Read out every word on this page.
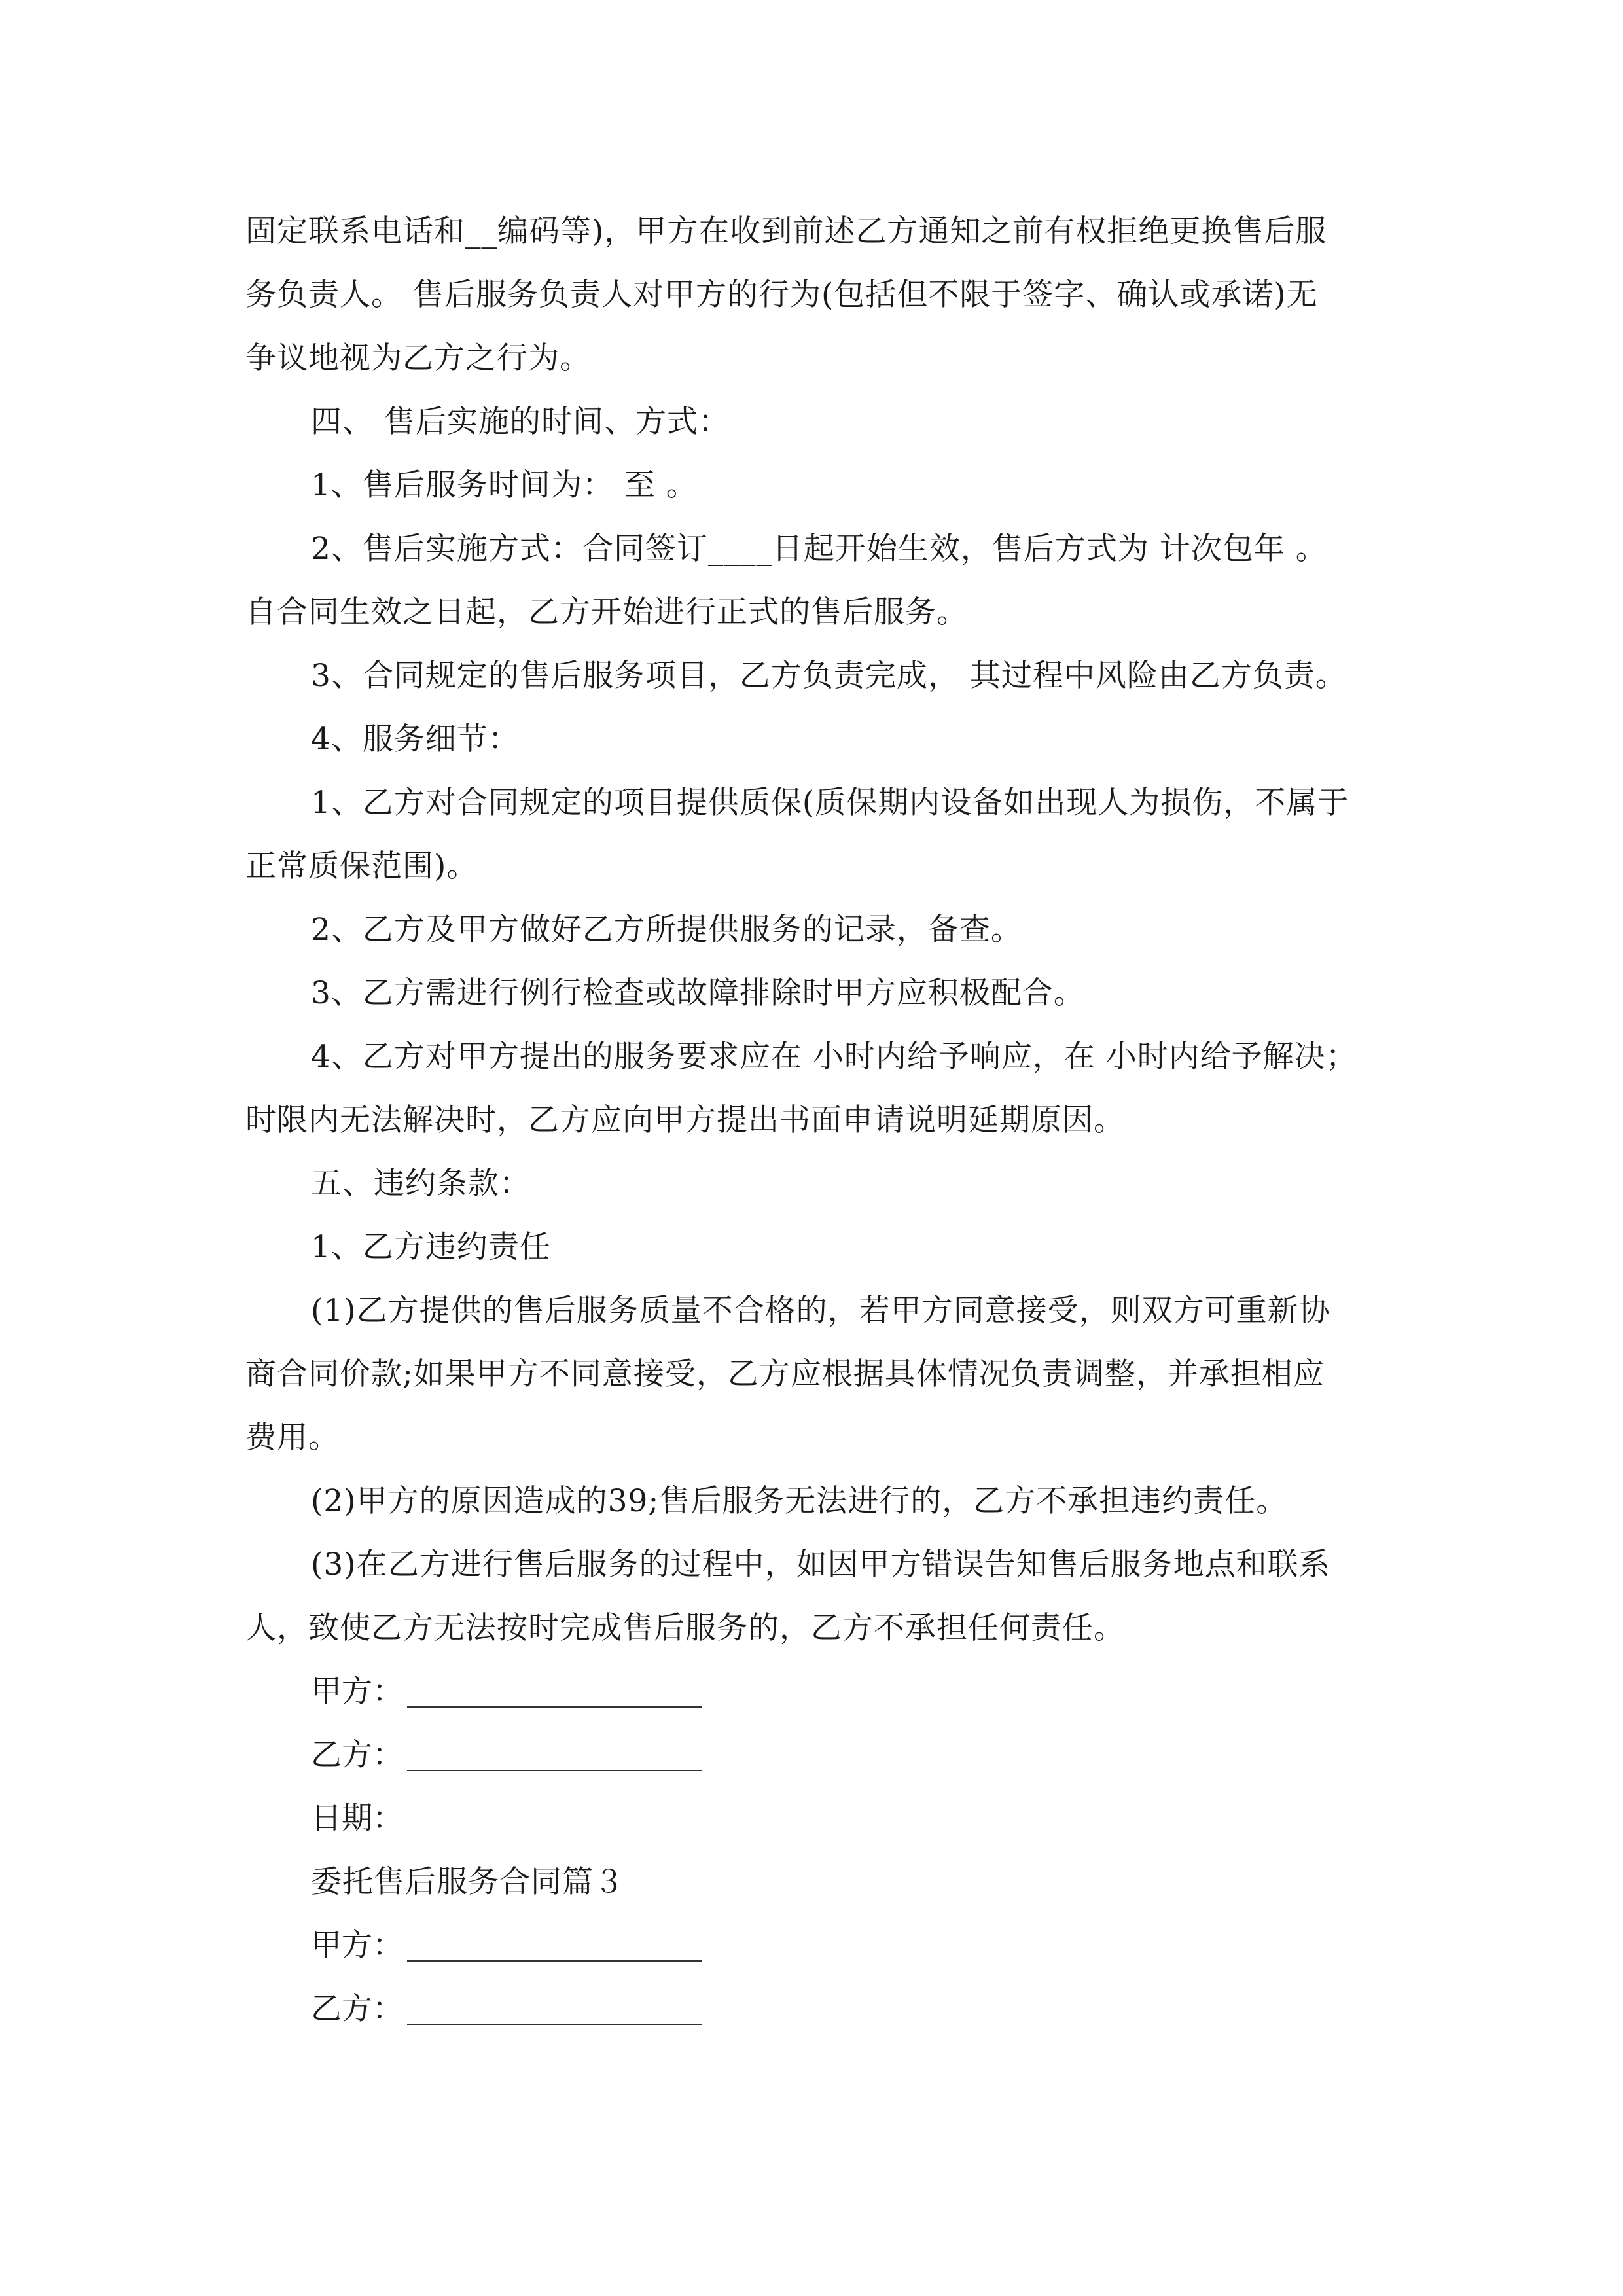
固定联系电话和__编码等)，甲方在收到前述乙方通知之前有权拒绝更换售后服
务负责人。 售后服务负责人对甲方的行为(包括但不限于签字、确认或承诺)无
争议地视为乙方之行为。
四、 售后实施的时间、方式：
1、售后服务时间为： 至 。
2、售后实施方式：合同签订____日起开始生效，售后方式为 计次包年 。
自合同生效之日起，乙方开始进行正式的售后服务。
3、合同规定的售后服务项目，乙方负责完成， 其过程中风险由乙方负责。
4、服务细节：
1、乙方对合同规定的项目提供质保(质保期内设备如出现人为损伤，不属于
正常质保范围)。
2、乙方及甲方做好乙方所提供服务的记录，备查。
3、乙方需进行例行检查或故障排除时甲方应积极配合。
4、乙方对甲方提出的服务要求应在 小时内给予响应，在 小时内给予解决；
时限内无法解决时，乙方应向甲方提出书面申请说明延期原因。
五、违约条款：
1、乙方违约责任
(1)乙方提供的售后服务质量不合格的，若甲方同意接受，则双方可重新协
商合同价款;如果甲方不同意接受，乙方应根据具体情况负责调整，并承担相应
费用。
(2)甲方的原因造成的39;售后服务无法进行的，乙方不承担违约责任。
(3)在乙方进行售后服务的过程中，如因甲方错误告知售后服务地点和联系
人，致使乙方无法按时完成售后服务的，乙方不承担任何责任。
甲方：
乙方：
日期：
委托售后服务合同篇３
甲方：
乙方：
